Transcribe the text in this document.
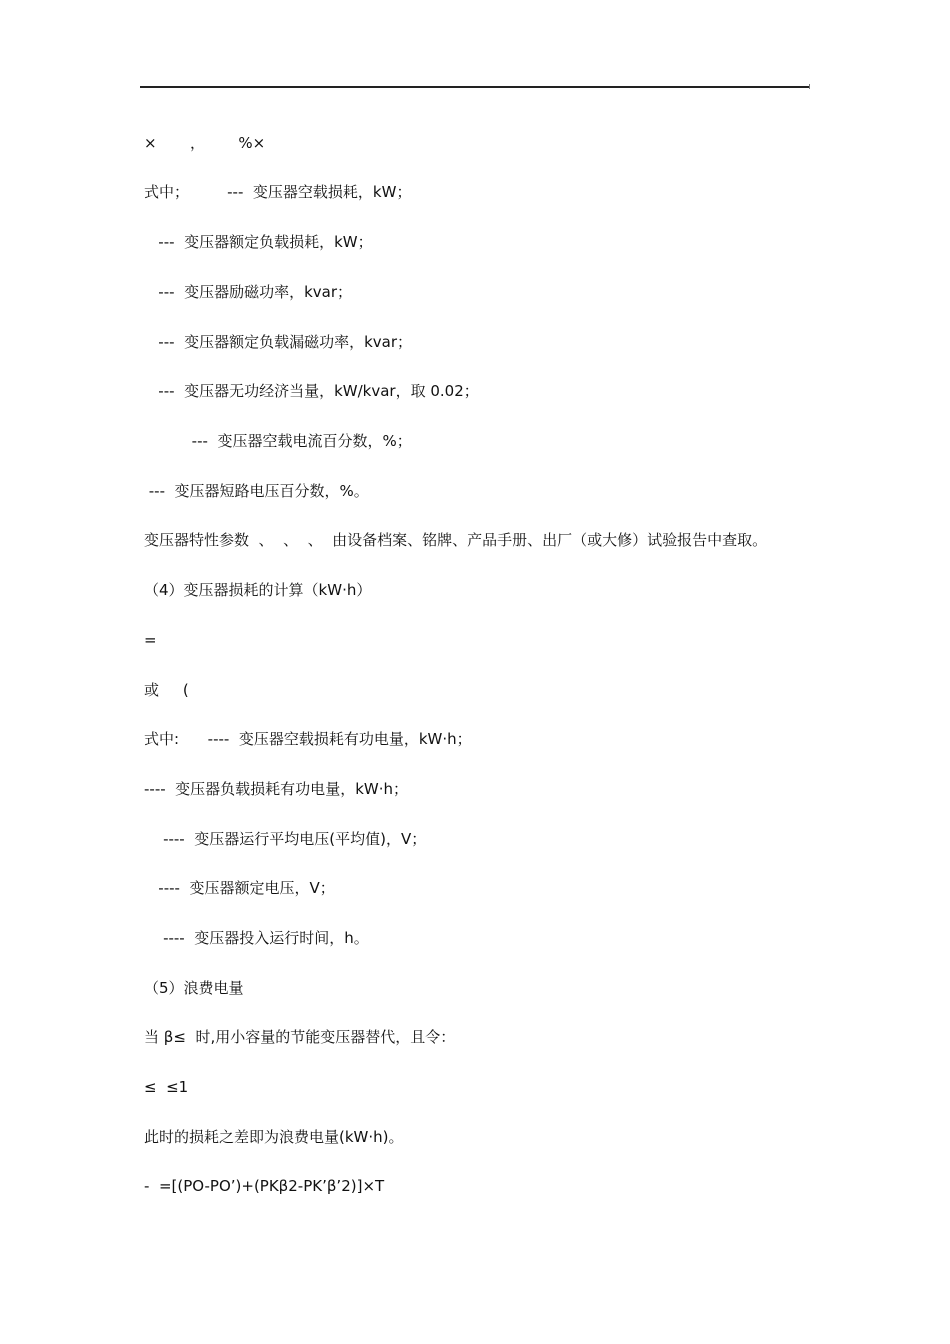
×       ，       %×
式中；        ---  变压器空载损耗，kW；
---  变压器额定负载损耗，kW；
---  变压器励磁功率，kvar；
---  变压器额定负载漏磁功率，kvar；
---  变压器无功经济当量，kW/kvar，取 0.02；
---  变压器空载电流百分数，%；
---  变压器短路电压百分数，%。
变压器特性参数  、  、  、  由设备档案、铭牌、产品手册、出厂（或大修）试验报告中查取。
（4）变压器损耗的计算（kW·h）
=
或     (
式中:      ----  变压器空载损耗有功电量，kW·h；
----  变压器负载损耗有功电量，kW·h；
----  变压器运行平均电压(平均值)，V；
----  变压器额定电压，V；
----  变压器投入运行时间，h。
（5）浪费电量
当 β≤  时,用小容量的节能变压器替代，且令：
≤  ≤1
此时的损耗之差即为浪费电量(kW·h)。
-  =[(PO-PO’)+(PKβ2-PK’β’2)]×T
